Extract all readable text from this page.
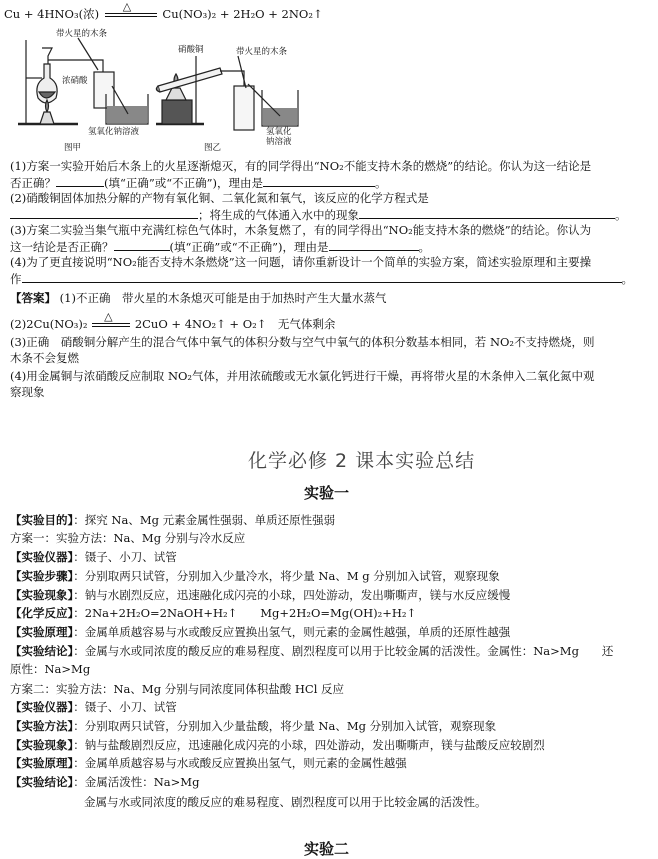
Cu + 4HNO₃(浓)
△
Cu(NO₃)₂ + 2H₂O + 2NO₂↑
带火星的木条
浓硝酸
氢氧化钠溶液
图甲
硝酸铜	带火星的木条
氢氧化
钠溶液
图乙
(1)方案一实验开始后木条上的火星逐渐熄灭，有的同学得出“NO₂不能支持木条的燃烧”的结论。你认为这一结论是
否正确？	(填“正确”或“不正确”)，理由是	。
(2)硝酸铜固体加热分解的产物有氧化铜、二氧化氮和氧气，该反应的化学方程式是
；将生成的气体通入水中的现象	。
(3)方案二实验当集气瓶中充满红棕色气体时，木条复燃了，有的同学得出“NO₂能支持木条的燃烧”的结论。你认为
这一结论是否正确？	(填“正确”或“不正确”)，理由是	。
(4)为了更直接说明“NO₂能否支持木条燃烧”这一问题，请你重新设计一个简单的实验方案，简述实验原理和主要操
作	。
【答案】 (1)不正确　带火星的木条熄灭可能是由于加热时产生大量水蒸气
(2)2Cu(NO₃)₂
△
2CuO + 4NO₂↑ + O₂↑　无气体剩余
(3)正确　硝酸铜分解产生的混合气体中氧气的体积分数与空气中氧气的体积分数基本相同，若 NO₂不支持燃烧，则
木条不会复燃
(4)用金属铜与浓硝酸反应制取 NO₂气体，并用浓硫酸或无水氯化钙进行干燥，再将带火星的木条伸入二氧化氮中观
察现象
化学必修 2 课本实验总结
实验一
【实验目的】：探究 Na、Mg 元素金属性强弱、单质还原性强弱
方案一：实验方法：Na、Mg 分别与冷水反应
【实验仪器】：镊子、小刀、试管
【实验步骤】：分别取两只试管，分别加入少量冷水，将少量 Na、M g 分别加入试管，观察现象
【实验现象】：钠与水剧烈反应，迅速融化成闪亮的小球，四处游动，发出嘶嘶声，镁与水反应缓慢
【化学反应】：2Na+2H₂O=2NaOH+H₂↑　　Mg+2H₂O=Mg(OH)₂+H₂↑
【实验原理】：金属单质越容易与水或酸反应置换出氢气，则元素的金属性越强，单质的还原性越强
【实验结论】：金属与水或同浓度的酸反应的难易程度、剧烈程度可以用于比较金属的活泼性。金属性：Na>Mg　　还
原性：Na>Mg
方案二：实验方法：Na、Mg 分别与同浓度同体积盐酸 HCl 反应
【实验仪器】：镊子、小刀、试管
【实验方法】：分别取两只试管，分别加入少量盐酸，将少量 Na、Mg 分别加入试管，观察现象
【实验现象】：钠与盐酸剧烈反应，迅速融化成闪亮的小球，四处游动，发出嘶嘶声，镁与盐酸反应较剧烈
【实验原理】：金属单质越容易与水或酸反应置换出氢气，则元素的金属性越强
【实验结论】：金属活泼性：Na>Mg
金属与水或同浓度的酸反应的难易程度、剧烈程度可以用于比较金属的活泼性。
实验二
